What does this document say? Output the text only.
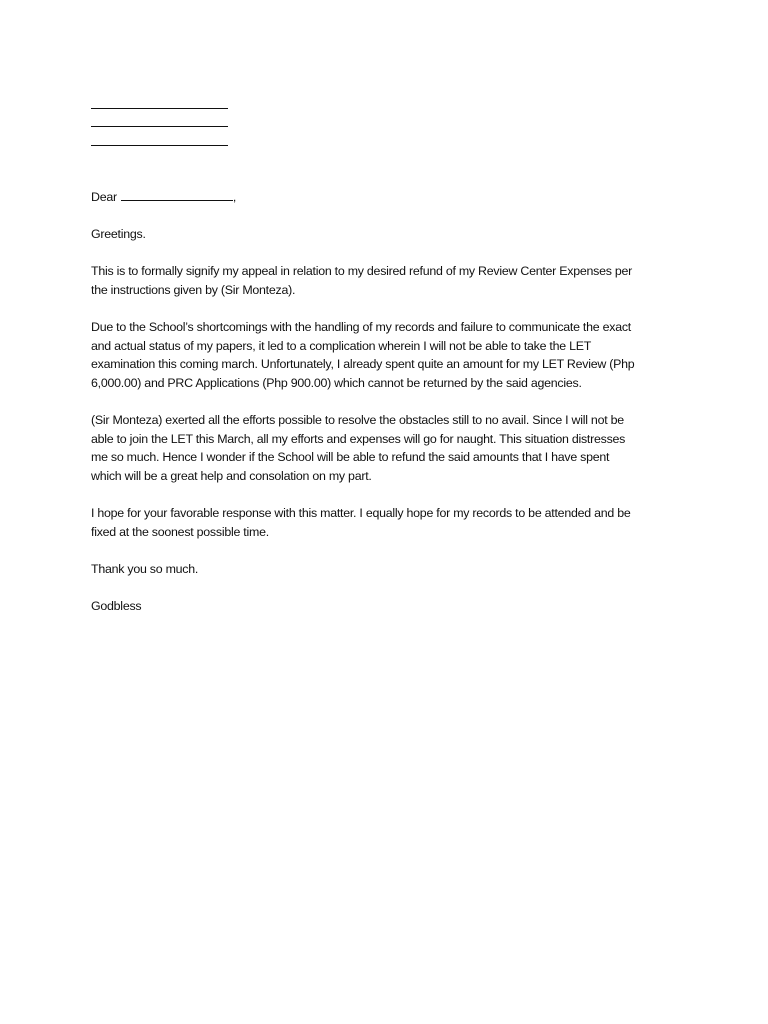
Dear	,

Greetings.

This is to formally signify my appeal in relation to my desired refund of my Review Center Expenses per
the instructions given by (Sir Monteza).

Due to the School’s shortcomings with the handling of my records and failure to communicate the exact
and actual status of my papers, it led to a complication wherein I will not be able to take the LET
examination this coming march. Unfortunately, I already spent quite an amount for my LET Review (Php
6,000.00) and PRC Applications (Php 900.00) which cannot be returned by the said agencies.

(Sir Monteza) exerted all the efforts possible to resolve the obstacles still to no avail. Since I will not be
able to join the LET this March, all my efforts and expenses will go for naught. This situation distresses
me so much. Hence I wonder if the School will be able to refund the said amounts that I have spent
which will be a great help and consolation on my part.

I hope for your favorable response with this matter. I equally hope for my records to be attended and be
fixed at the soonest possible time.

Thank you so much.

Godbless
